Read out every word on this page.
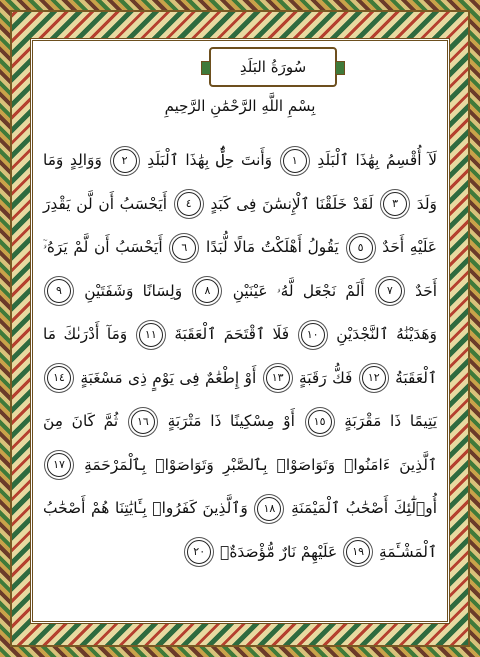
سُورَةُ البَلَدِ
بِسْمِ اللَّهِ الرَّحْمَٰنِ الرَّحِيمِ
لَآ أُقْسِمُ بِهَٰذَا ٱلْبَلَدِ ١ وَأَنتَ حِلٌّۢ بِهَٰذَا ٱلْبَلَدِ ٢ وَوَالِدٍ وَمَا وَلَدَ ٣ لَقَدْ خَلَقْنَا ٱلْإِنسَٰنَ فِى كَبَدٍ ٤ أَيَحْسَبُ أَن لَّن يَقْدِرَ عَلَيْهِ أَحَدٌ ٥ يَقُولُ أَهْلَكْتُ مَالًا لُّبَدًا ٦ أَيَحْسَبُ أَن لَّمْ يَرَهُۥٓ أَحَدٌ ٧ أَلَمْ نَجْعَل لَّهُۥ عَيْنَيْنِ ٨ وَلِسَانًا وَشَفَتَيْنِ ٩ وَهَدَيْنَٰهُ ٱلنَّجْدَيْنِ ١٠ فَلَا ٱقْتَحَمَ ٱلْعَقَبَةَ ١١ وَمَآ أَدْرَىٰكَ مَا ٱلْعَقَبَةُ ١٢ فَكُّ رَقَبَةٍ ١٣ أَوْ إِطْعَٰمٌ فِى يَوْمٍ ذِى مَسْغَبَةٍ ١٤ يَتِيمًا ذَا مَقْرَبَةٍ ١٥ أَوْ مِسْكِينًا ذَا مَتْرَبَةٍ ١٦ ثُمَّ كَانَ مِنَ ٱلَّذِينَ ءَامَنُوا۟ وَتَوَاصَوْا۟ بِٱلصَّبْرِ وَتَوَاصَوْا۟ بِٱلْمَرْحَمَةِ ١٧ أُو۟لَٰٓئِكَ أَصْحَٰبُ ٱلْمَيْمَنَةِ ١٨ وَٱلَّذِينَ كَفَرُوا۟ بِـَٔايَٰتِنَا هُمْ أَصْحَٰبُ ٱلْمَشْـَٔمَةِ ١٩ عَلَيْهِمْ نَارٌ مُّؤْصَدَةٌۢ ٢٠
